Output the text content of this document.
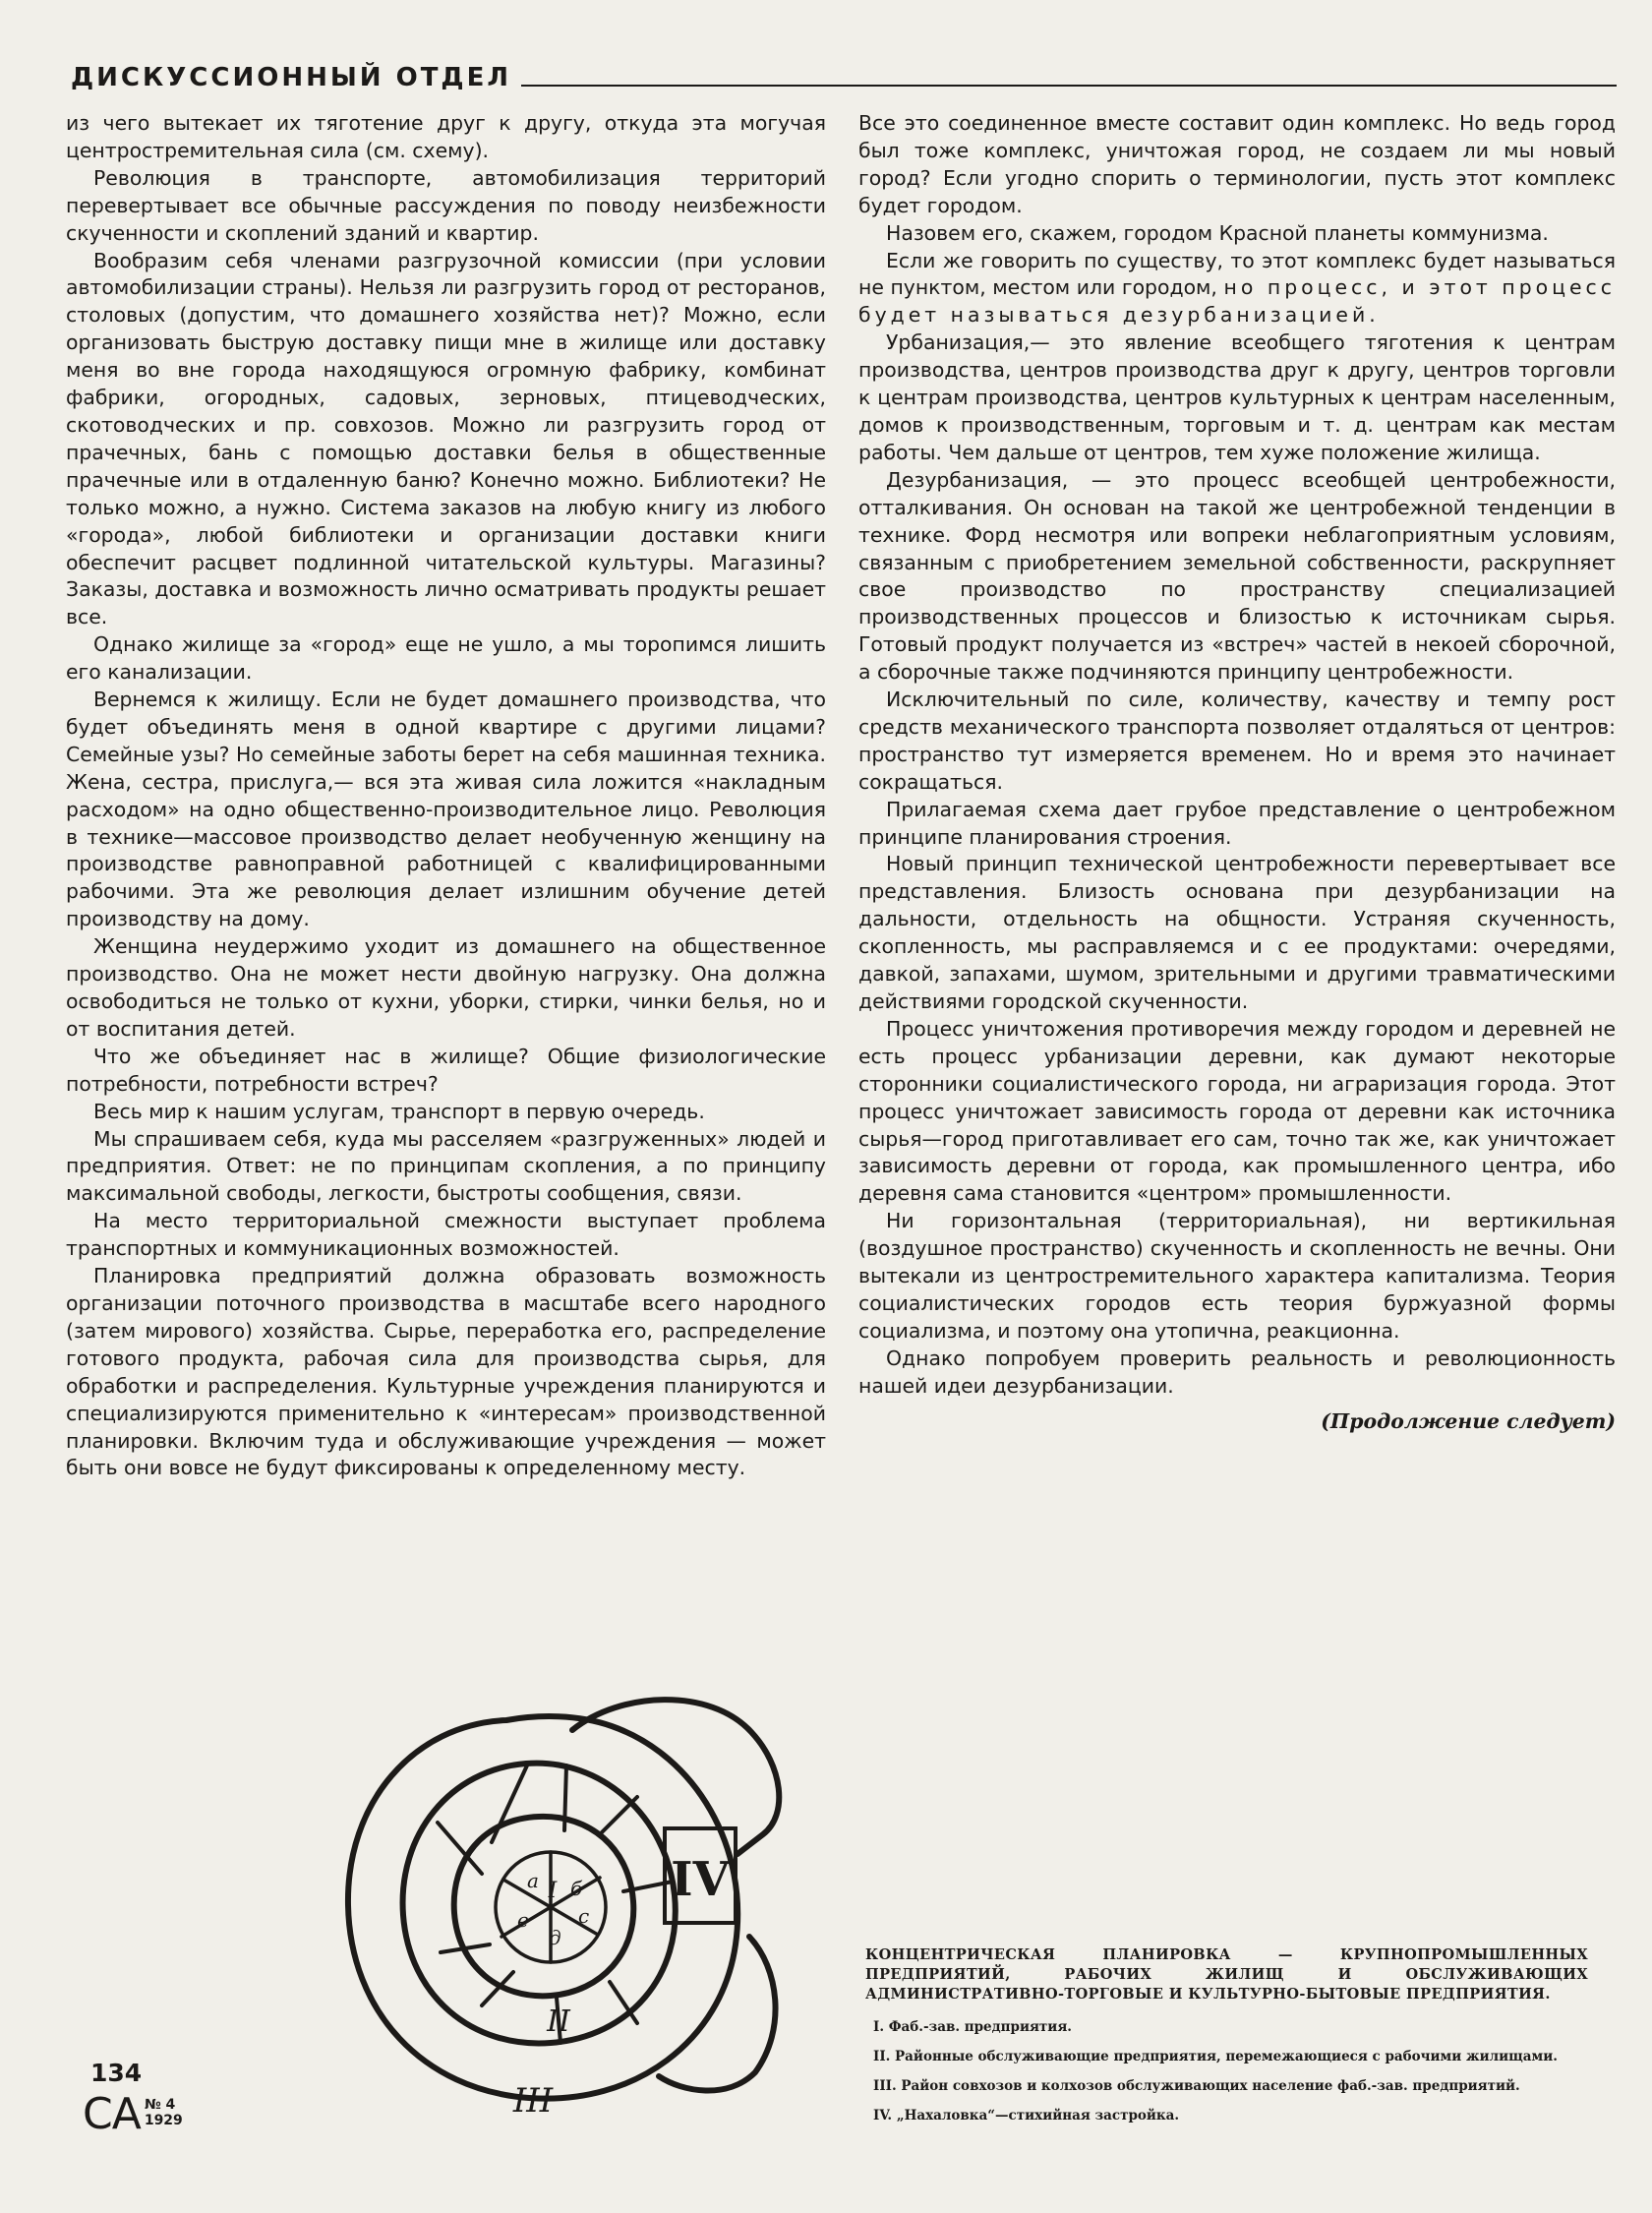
ДИСКУССИОННЫЙ ОТДЕЛ

из чего вытекает их тяготение друг к другу, откуда эта могучая центростремительная сила (см. схему).

Революция в транспорте, автомобилизация территорий перевертывает все обычные рассуждения по поводу неизбежности скученности и скоплений зданий и квартир.

Вообразим себя членами разгрузочной комиссии (при условии автомобилизации страны). Нельзя ли разгрузить город от ресторанов, столовых (допустим, что домашнего хозяйства нет)? Можно, если организовать быструю доставку пищи мне в жилище или доставку меня во вне города находящуюся огромную фабрику, комбинат фабрики, огородных, садовых, зерновых, птицеводческих, скотоводческих и пр. совхозов. Можно ли разгрузить город от прачечных, бань с помощью доставки белья в общественные прачечные или в отдаленную баню? Конечно можно. Библиотеки? Не только можно, а нужно. Система заказов на любую книгу из любого «города», любой библиотеки и организации доставки книги обеспечит расцвет подлинной читательской культуры. Магазины? Заказы, доставка и возможность лично осматривать продукты решает все.

Однако жилище за «город» еще не ушло, а мы торопимся лишить его канализации.

Вернемся к жилищу. Если не будет домашнего производства, что будет объединять меня в одной квартире с другими лицами? Семейные узы? Но семейные заботы берет на себя машинная техника. Жена, сестра, прислуга,— вся эта живая сила ложится «накладным расходом» на одно общественно-производительное лицо. Революция в технике—массовое производство делает необученную женщину на производстве равноправной работницей с квалифицированными рабочими. Эта же революция делает излишним обучение детей производству на дому.

Женщина неудержимо уходит из домашнего на общественное производство. Она не может нести двойную нагрузку. Она должна освободиться не только от кухни, уборки, стирки, чинки белья, но и от воспитания детей.

Что же объединяет нас в жилище? Общие физиологические потребности, потребности встреч?

Весь мир к нашим услугам, транспорт в первую очередь.

Мы спрашиваем себя, куда мы расселяем «разгруженных» людей и предприятия. Ответ: не по принципам скопления, а по принципу максимальной свободы, легкости, быстроты сообщения, связи.

На место территориальной смежности выступает проблема транспортных и коммуникационных возможностей.

Планировка предприятий должна образовать возможность организации поточного производства в масштабе всего народного (затем мирового) хозяйства. Сырье, переработка его, распределение готового продукта, рабочая сила для производства сырья, для обработки и распределения. Культурные учреждения планируются и специализируются применительно к «интересам» производственной планировки. Включим туда и обслуживающие учреждения — может быть они вовсе не будут фиксированы к определенному месту.

Все это соединенное вместе составит один комплекс. Но ведь город был тоже комплекс, уничтожая город, не создаем ли мы новый город? Если угодно спорить о терминологии, пусть этот комплекс будет городом.

Назовем его, скажем, городом Красной планеты коммунизма.

Если же говорить по существу, то этот комплекс будет называться не пунктом, местом или городом, но процесс, и этот процесс будет называться дезурбанизацией.

Урбанизация,— это явление всеобщего тяготения к центрам производства, центров производства друг к другу, центров торговли к центрам производства, центров культурных к центрам населенным, домов к производственным, торговым и т. д. центрам как местам работы. Чем дальше от центров, тем хуже положение жилища.

Дезурбанизация, — это процесс всеобщей центробежности, отталкивания. Он основан на такой же центробежной тенденции в технике. Форд несмотря или вопреки неблагоприятным условиям, связанным с приобретением земельной собственности, раскрупняет свое производство по пространству специализацией производственных процессов и близостью к источникам сырья. Готовый продукт получается из «встреч» частей в некоей сборочной, а сборочные также подчиняются принципу центробежности.

Исключительный по силе, количеству, качеству и темпу рост средств механического транспорта позволяет отдаляться от центров: пространство тут измеряется временем. Но и время это начинает сокращаться.

Прилагаемая схема дает грубое представление о центробежном принципе планирования строения.

Новый принцип технической центробежности перевертывает все представления. Близость основана при дезурбанизации на дальности, отдельность на общности. Устраняя скученность, скопленность, мы расправляемся и с ее продуктами: очередями, давкой, запахами, шумом, зрительными и другими травматическими действиями городской скученности.

Процесс уничтожения противоречия между городом и деревней не есть процесс урбанизации деревни, как думают некоторые сторонники социалистического города, ни аграризация города. Этот процесс уничтожает зависимость города от деревни как источника сырья—город приготавливает его сам, точно так же, как уничтожает зависимость деревни от города, как промышленного центра, ибо деревня сама становится «центром» промышленности.

Ни горизонтальная (территориальная), ни вертикильная (воздушное пространство) скученность и скопленность не вечны. Они вытекали из центростремительного характера капитализма. Теория социалистических городов есть теория буржуазной формы социализма, и поэтому она утопична, реакционна.

Однако попробуем проверить реальность и революционность нашей идеи дезурбанизации.

(Продолжение следует)

IV
III
II
I
a б
с
д
е

КОНЦЕНТРИЧЕСКАЯ ПЛАНИРОВКА — КРУПНОПРОМЫШЛЕННЫХ ПРЕДПРИЯТИЙ, РАБОЧИХ ЖИЛИЩ И ОБСЛУЖИВАЮЩИХ АДМИНИСТРАТИВНО-ТОРГОВЫЕ И КУЛЬТУРНО-БЫТОВЫЕ ПРЕДПРИЯТИЯ.

I. Фаб.-зав. предприятия.

II. Районные обслуживающие предприятия, перемежающиеся с рабочими жилищами.

III. Район совхозов и колхозов обслуживающих население фаб.-зав. предприятий.

IV. „Нахаловка“—стихийная застройка.

134
СА № 4
1929
